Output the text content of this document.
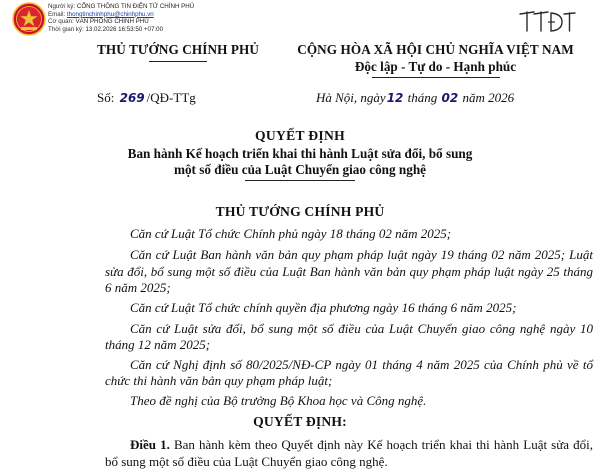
Người ký: CỔNG THÔNG TIN ĐIỆN TỬ CHÍNH PHỦ
Email: thongtinchinhphu@chinhphu.vn
Cơ quan: VĂN PHÒNG CHÍNH PHỦ
Thời gian ký: 13.02.2026 16:53:50 +07:00
THỦ TƯỚNG CHÍNH PHỦ
Số: 269 /QĐ-TTg
CỘNG HÒA XÃ HỘI CHỦ NGHĨA VIỆT NAM
Độc lập - Tự do - Hạnh phúc
Hà Nội, ngày12 tháng 02 năm 2026
QUYẾT ĐỊNH
Ban hành Kế hoạch triển khai thi hành Luật sửa đổi, bổ sung
một số điều của Luật Chuyển giao công nghệ
THỦ TƯỚNG CHÍNH PHỦ

Căn cứ Luật Tổ chức Chính phủ ngày 18 tháng 02 năm 2025;

Căn cứ Luật Ban hành văn bản quy phạm pháp luật ngày 19 tháng 02 năm 2025; Luật sửa đổi, bổ sung một số điều của Luật Ban hành văn bản quy phạm pháp luật ngày 25 tháng 6 năm 2025;

Căn cứ Luật Tổ chức chính quyền địa phương ngày 16 tháng 6 năm 2025;

Căn cứ Luật sửa đổi, bổ sung một số điều của Luật Chuyển giao công nghệ ngày 10 tháng 12 năm 2025;

Căn cứ Nghị định số 80/2025/NĐ-CP ngày 01 tháng 4 năm 2025 của Chính phủ về tổ chức thi hành văn bản quy phạm pháp luật;

Theo đề nghị của Bộ trưởng Bộ Khoa học và Công nghệ.

QUYẾT ĐỊNH:
Điều 1. Ban hành kèm theo Quyết định này Kế hoạch triển khai thi hành Luật sửa đổi, bổ sung một số điều của Luật Chuyển giao công nghệ.
